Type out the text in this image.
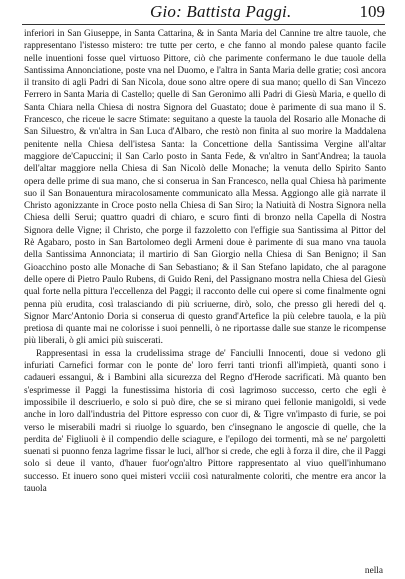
Gio: Battista Paggi.	109

inferiori in San Giuseppe, in Santa Cattarina, & in Santa Maria del Cannine tre altre tauole, che rappresentano l'istesso mistero: tre tutte per certo, e che fanno al mondo palese quanto facile nelle inuentioni fosse quel virtuoso Pittore, ciò che parimente confermano le due tauole della Santissima Annonciatione, poste vna nel Duomo, e l'altra in Santa Maria delle gratie; così ancora il transito di agli Padri di San Nicola, doue sono altre opere di sua mano; quello di San Vincezo Ferrero in Santa Maria di Castello; quelle di San Geronimo alli Padri di Giesù Maria, e quello di Santa Chiara nella Chiesa di nostra Signora del Guastato; doue è parimente di sua mano il S. Francesco, che riceue le sacre Stimate: seguitano a queste la tauola del Rosario alle Monache di San Siluestro, & vn'altra in San Luca d'Albaro, che restò non finita al suo morire la Maddalena penitente nella Chiesa dell'istesa Santa: la Concettione della Santissima Vergine all'altar maggiore de'Capuccini; il San Carlo posto in Santa Fede, & vn'altro in Sant'Andrea; la tauola dell'altar maggiore nella Chiesa di San Nicolò delle Monache; la venuta dello Spirito Santo opera delle prime di sua mano, che si conserua in San Francesco, nella qual Chiesa hà parimente suo il San Bonauentura miracolosamente communicato alla Messa. Aggiongo alle già narrate il Christo agonizzante in Croce posto nella Chiesa di San Siro; la Natiuità di Nostra Signora nella Chiesa delli Serui; quattro quadri di chiaro, e scuro finti di bronzo nella Capella di Nostra Signora delle Vigne; il Christo, che porge il fazzoletto con l'effigie sua Santissima al Pittor del Rè Agabaro, posto in San Bartolomeo degli Armeni doue è parimente di sua mano vna tauola della Santissima Annonciata; il martirio di San Giorgio nella Chiesa di San Benigno; il San Gioacchino posto alle Monache di San Sebastiano; & il San Stefano lapidato, che al paragone delle opere di Pietro Paulo Rubens, di Guido Reni, del Passignano mostra nella Chiesa del Giesù qual forte nella pittura l'eccellenza del Paggi; il racconto delle cui opere si come finalmente ogni penna più erudita, così tralasciando di più scriuerne, dirò, solo, che presso gli heredi del q. Signor Marc'Antonio Doria si conserua di questo grand'Artefice la più celebre tauola, e la più pretiosa di quante mai ne colorisse i suoi pennelli, ò ne riportasse dalle sue stanze le ricompense più liberali, ò gli amici più suiscerati.

Rappresentasi in essa la crudelissima strage de' Fanciulli Innocenti, doue si vedono gli infuriati Carnefici formar con le ponte de' loro ferri tanti trionfi all'impietà, quanti sono i cadaueri essangui, & i Bambini alla sicurezza del Regno d'Herode sacrificati. Mà quanto ben s'esprimesse il Paggi la funestissima historia di così lagrimoso successo, certo che egli è impossibile il descriuerlo, e solo si può dire, che se si mirano quei fellonie manigoldi, si vede anche in loro dall'industria del Pittore espresso con cuor di, & Tigre vn'impasto di furie, se poi verso le miserabili madri si riuolge lo sguardo, ben c'insegnano le angoscie di quelle, che la perdita de' Figliuoli è il compendio delle sciagure, e l'epilogo dei tormenti, mà se ne' pargoletti suenati si puonno fenza lagrime fissar le luci, all'hor si crede, che egli à forza il dire, che il Paggi solo si deue il vanto, d'hauer fuor'ogn'altro Pittore rappresentato al viuo quell'inhumano successo. Et inuero sono quei misteri vcciii così naturalmente coloriti, che mentre era ancor la tauola

nella
